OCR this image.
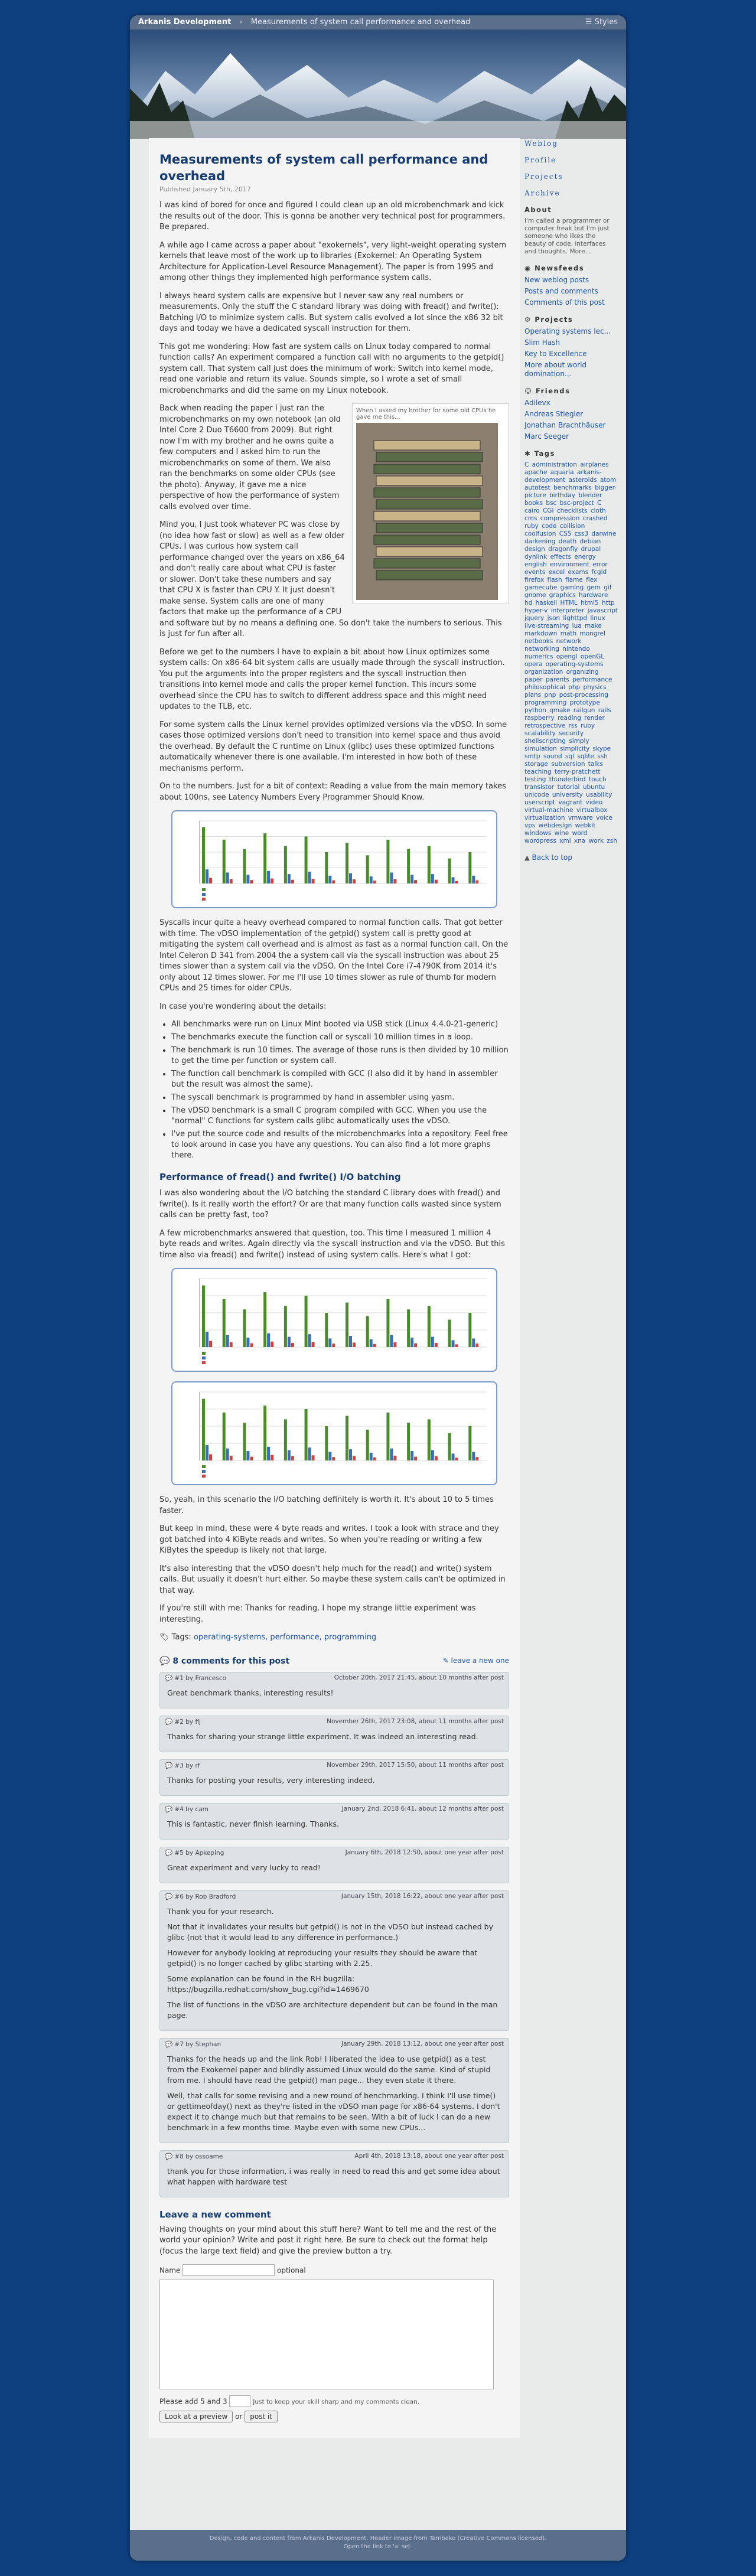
Arkanis Development › Measurements of system call performance and overhead	☰ Styles
Measurements of system call performance and overhead
Published January 5th, 2017

I was kind of bored for once and figured I could clean up an old microbenchmark and kick the results out of the door. This is gonna be another very technical post for programmers. Be prepared.

A while ago I came across a paper about "exokernels", very light-weight operating system kernels that leave most of the work up to libraries (Exokernel: An Operating System Architecture for Application-Level Resource Management). The paper is from 1995 and among other things they implemented high performance system calls.

I always heard system calls are expensive but I never saw any real numbers or measurements. Only the stuff the C standard library was doing with fread() and fwrite(): Batching I/O to minimize system calls. But system calls evolved a lot since the x86 32 bit days and today we have a dedicated syscall instruction for them.

This got me wondering: How fast are system calls on Linux today compared to normal function calls? An experiment compared a function call with no arguments to the getpid() system call. That system call just does the minimum of work: Switch into kernel mode, read one variable and return its value. Sounds simple, so I wrote a set of small microbenchmarks and did the same on my Linux notebook.

When I asked my brother for some old CPUs he gave me this...

Back when reading the paper I just ran the microbenchmarks on my own notebook (an old Intel Core 2 Duo T6600 from 2009). But right now I'm with my brother and he owns quite a few computers and I asked him to run the microbenchmarks on some of them. We also ran the benchmarks on some older CPUs (see the photo). Anyway, it gave me a nice perspective of how the performance of system calls evolved over time.

Mind you, I just took whatever PC was close by (no idea how fast or slow) as well as a few older CPUs. I was curious how system call performance changed over the years on x86_64 and don't really care about what CPU is faster or slower. Don't take these numbers and say that CPU X is faster than CPU Y. It just doesn't make sense. System calls are one of many factors that make up the performance of a CPU and software but by no means a defining one. So don't take the numbers to serious. This is just for fun after all.

Before we get to the numbers I have to explain a bit about how Linux optimizes some system calls: On x86-64 bit system calls are usually made through the syscall instruction. You put the arguments into the proper registers and the syscall instruction then transitions into kernel mode and calls the proper kernel function. This incurs some overhead since the CPU has to switch to different address space and this might need updates to the TLB, etc.

For some system calls the Linux kernel provides optimized versions via the vDSO. In some cases those optimized versions don't need to transition into kernel space and thus avoid the overhead. By default the C runtime on Linux (glibc) uses these optimized functions automatically whenever there is one available. I'm interested in how both of these mechanisms perform.

On to the numbers. Just for a bit of context: Reading a value from the main memory takes about 100ns, see Latency Numbers Every Programmer Should Know.

Syscalls incur quite a heavy overhead compared to normal function calls. That got better with time. The vDSO implementation of the getpid() system call is pretty good at mitigating the system call overhead and is almost as fast as a normal function call. On the Intel Celeron D 341 from 2004 the a system call via the syscall instruction was about 25 times slower than a system call via the vDSO. On the Intel Core i7-4790K from 2014 it's only about 12 times slower. For me I'll use 10 times slower as rule of thumb for modern CPUs and 25 times for older CPUs.

In case you're wondering about the details:

• All benchmarks were run on Linux Mint booted via USB stick (Linux 4.4.0-21-generic)
• The benchmarks execute the function call or syscall 10 million times in a loop.
• The benchmark is run 10 times. The average of those runs is then divided by 10 million to get the time per function or system call.
• The function call benchmark is compiled with GCC (I also did it by hand in assembler but the result was almost the same).
• The syscall benchmark is programmed by hand in assembler using yasm.
• The vDSO benchmark is a small C program compiled with GCC. When you use the "normal" C functions for system calls glibc automatically uses the vDSO.
• I've put the source code and results of the microbenchmarks into a repository. Feel free to look around in case you have any questions. You can also find a lot more graphs there.
Performance of fread() and fwrite() I/O batching

I was also wondering about the I/O batching the standard C library does with fread() and fwrite(). Is it really worth the effort? Or are that many function calls wasted since system calls can be pretty fast, too?

A few microbenchmarks answered that question, too. This time I measured 1 million 4 byte reads and writes. Again directly via the syscall instruction and via the vDSO. But this time also via fread() and fwrite() instead of using system calls. Here's what I got:

So, yeah, in this scenario the I/O batching definitely is worth it. It's about 10 to 5 times faster.

But keep in mind, these were 4 byte reads and writes. I took a look with strace and they got batched into 4 KiByte reads and writes. So when you're reading or writing a few KiBytes the speedup is likely not that large.

It's also interesting that the vDSO doesn't help much for the read() and write() system calls. But usually it doesn't hurt either. So maybe these system calls can't be optimized in that way.

If you're still with me: Thanks for reading. I hope my strange little experiment was interesting.

🏷 Tags: operating-systems, performance, programming

💬 8 comments for this post	✎ leave a new one
💬 #1 by Francesco	October 20th, 2017 21:45, about 10 months after post

Great benchmark thanks, interesting results!

💬 #2 by fij	November 26th, 2017 23:08, about 11 months after post

Thanks for sharing your strange little experiment. It was indeed an interesting read.

💬 #3 by rf	November 29th, 2017 15:50, about 11 months after post

Thanks for posting your results, very interesting indeed.

💬 #4 by cam	January 2nd, 2018 6:41, about 12 months after post

This is fantastic, never finish learning. Thanks.

💬 #5 by Apkeping	January 6th, 2018 12:50, about one year after post

Great experiment and very lucky to read!

💬 #6 by Rob Bradford	January 15th, 2018 16:22, about one year after post

Thank you for your research.

Not that it invalidates your results but getpid() is not in the vDSO but instead cached by glibc (not that it would lead to any difference in performance.)

However for anybody looking at reproducing your results they should be aware that getpid() is no longer cached by glibc starting with 2.25.

Some explanation can be found in the RH bugzilla: https://bugzilla.redhat.com/show_bug.cgi?id=1469670

The list of functions in the vDSO are architecture dependent but can be found in the man page.

💬 #7 by Stephan	January 29th, 2018 13:12, about one year after post

Thanks for the heads up and the link Rob! I liberated the idea to use getpid() as a test from the Exokernel paper and blindly assumed Linux would do the same. Kind of stupid from me. I should have read the getpid() man page... they even state it there.

Well, that calls for some revising and a new round of benchmarking. I think I'll use time() or gettimeofday() next as they're listed in the vDSO man page for x86-64 systems. I don't expect it to change much but that remains to be seen. With a bit of luck I can do a new benchmark in a few months time. Maybe even with some new CPUs...

💬 #8 by ossoame	April 4th, 2018 13:18, about one year after post

thank you for those information, i was really in need to read this and get some idea about what happen with hardware test

Leave a new comment

Having thoughts on your mind about this stuff here? Want to tell me and the rest of the world your opinion? Write and post it right here. Be sure to check out the format help (focus the large text field) and give the preview button a try.

Name	optional
Please add 5 and 3	Just to keep your skill sharp and my comments clean.
Look at a preview or post it
Weblog
Profile
Projects
Archive
About
I'm called a programmer or computer freak but I'm just someone who likes the beauty of code, interfaces and thoughts. More...
◉ Newsfeeds
New weblog posts
Posts and comments
Comments of this post
⚙ Projects
Operating systems lec...
Slim Hash
Key to Excellence
More about world domination...
☺ Friends
Adilevx
Andreas Stiegler
Jonathan Brachthäuser
Marc Seeger
✱ Tags
C administration airplanes apache aquaria arkanis-development asteroids atom autotest benchmarks bigger-picture birthday blender books bsc bsc-project C cairo CGI checklists cloth cms compression crashed ruby code collision coolfusion CSS css3 darwine darkening death debian design dragonfly drupal dynlink effects energy english environment error events excel exams fcgid firefox flash flame flex gamecube gaming gem gif gnome graphics hardware hd haskell HTML html5 http hyper-v interpreter javascript jquery json lighttpd linux live-streaming lua make markdown math mongrel netbooks network networking nintendo numerics opengl openGL opera operating-systems organization organizing paper parents performance philosophical php physics plans pnp post-processing programming prototype python qmake railgun rails raspberry reading render retrospective rss ruby scalability security shellscripting simply simulation simplicity skype smtp sound sql sqlite ssh storage subversion talks teaching terry-pratchett testing thunderbird touch transistor tutorial ubuntu unicode university usability userscript vagrant video virtual-machine virtualbox virtualization vmware voice vps webdesign webkit windows wine word wordpress xml xna work zsh
▲ Back to top
Design, code and content from Arkanis Development. Header image from Tambako (Creative Commons licensed).
Open the link to 'a' set.
